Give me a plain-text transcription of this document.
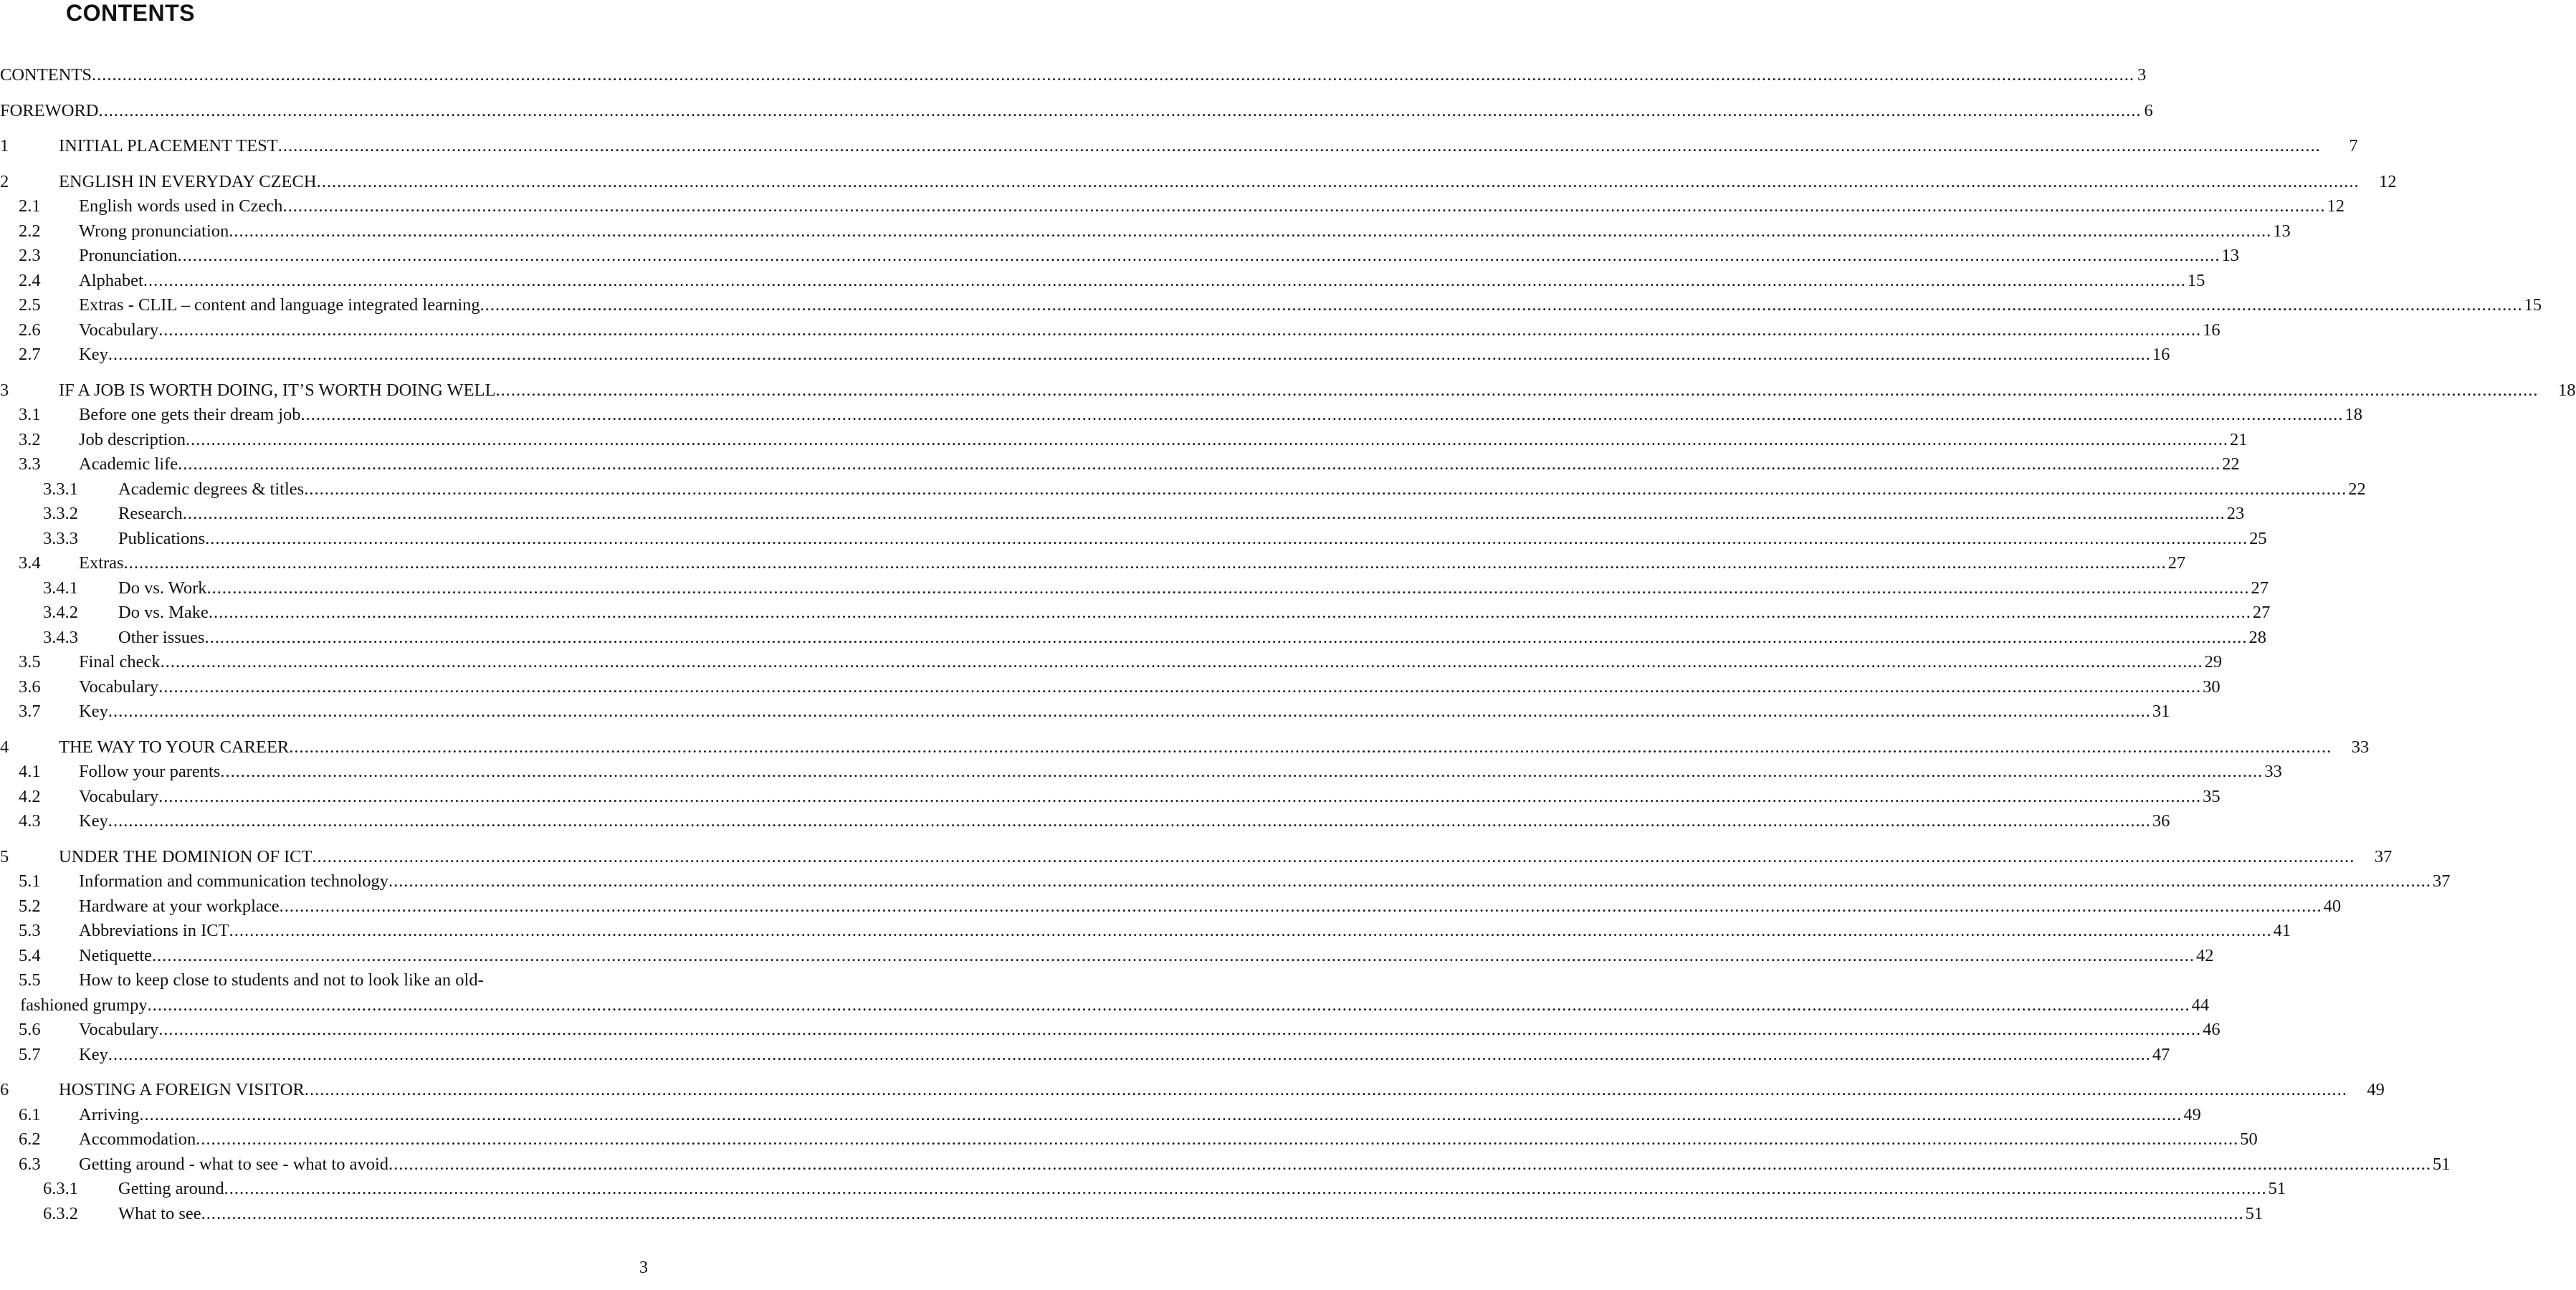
CONTENTS
CONTENTS ................................................................................................................................................................................................................................................................................................................................................................................................................ 3
FOREWORD ................................................................................................................................................................................................................................................................................................................................................................................................................ 6
1	INITIAL PLACEMENT TEST ................................................................................................................................................................................................................................................................................................................................................................................................................	7
2	ENGLISH IN EVERYDAY CZECH ................................................................................................................................................................................................................................................................................................................................................................................................................	12
2.1 English words used in Czech ................................................................................................................................................................................................................................................................................................................................................................................................................ 12
2.2 Wrong pronunciation ................................................................................................................................................................................................................................................................................................................................................................................................................ 13
2.3 Pronunciation ................................................................................................................................................................................................................................................................................................................................................................................................................ 13
2.4 Alphabet ................................................................................................................................................................................................................................................................................................................................................................................................................ 15
2.5 Extras - CLIL – content and language integrated learning ................................................................................................................................................................................................................................................................................................................................................................................................................ 15
2.6 Vocabulary ................................................................................................................................................................................................................................................................................................................................................................................................................ 16
2.7 Key ................................................................................................................................................................................................................................................................................................................................................................................................................ 16
3	IF A JOB IS WORTH DOING, IT’S WORTH DOING WELL ................................................................................................................................................................................................................................................................................................................................................................................................................	18
3.1 Before one gets their dream job ................................................................................................................................................................................................................................................................................................................................................................................................................ 18
3.2 Job description ................................................................................................................................................................................................................................................................................................................................................................................................................ 21
3.3 Academic life ................................................................................................................................................................................................................................................................................................................................................................................................................ 22
3.3.1 Academic degrees & titles ................................................................................................................................................................................................................................................................................................................................................................................................................ 22
3.3.2 Research ................................................................................................................................................................................................................................................................................................................................................................................................................ 23
3.3.3 Publications ................................................................................................................................................................................................................................................................................................................................................................................................................ 25
3.4 Extras ................................................................................................................................................................................................................................................................................................................................................................................................................ 27
3.4.1 Do vs. Work ................................................................................................................................................................................................................................................................................................................................................................................................................ 27
3.4.2 Do vs. Make ................................................................................................................................................................................................................................................................................................................................................................................................................ 27
3.4.3 Other issues ................................................................................................................................................................................................................................................................................................................................................................................................................ 28
3.5 Final check ................................................................................................................................................................................................................................................................................................................................................................................................................ 29
3.6 Vocabulary ................................................................................................................................................................................................................................................................................................................................................................................................................ 30
3.7 Key ................................................................................................................................................................................................................................................................................................................................................................................................................ 31
4	THE WAY TO YOUR CAREER ................................................................................................................................................................................................................................................................................................................................................................................................................	33
4.1 Follow your parents ................................................................................................................................................................................................................................................................................................................................................................................................................ 33
4.2 Vocabulary ................................................................................................................................................................................................................................................................................................................................................................................................................ 35
4.3 Key ................................................................................................................................................................................................................................................................................................................................................................................................................ 36
5	UNDER THE DOMINION OF ICT ................................................................................................................................................................................................................................................................................................................................................................................................................	37
5.1 Information and communication technology ................................................................................................................................................................................................................................................................................................................................................................................................................ 37
5.2 Hardware at your workplace ................................................................................................................................................................................................................................................................................................................................................................................................................ 40
5.3 Abbreviations in ICT ................................................................................................................................................................................................................................................................................................................................................................................................................ 41
5.4 Netiquette ................................................................................................................................................................................................................................................................................................................................................................................................................ 42
5.5 How to keep close to students and not to look like an old-
fashioned grumpy ................................................................................................................................................................................................................................................................................................................................................................................................................ 44
5.6 Vocabulary ................................................................................................................................................................................................................................................................................................................................................................................................................ 46
5.7 Key ................................................................................................................................................................................................................................................................................................................................................................................................................ 47
6	HOSTING A FOREIGN VISITOR ................................................................................................................................................................................................................................................................................................................................................................................................................	49
6.1 Arriving ................................................................................................................................................................................................................................................................................................................................................................................................................ 49
6.2 Accommodation ................................................................................................................................................................................................................................................................................................................................................................................................................ 50
6.3 Getting around - what to see - what to avoid ................................................................................................................................................................................................................................................................................................................................................................................................................ 51
6.3.1 Getting around ................................................................................................................................................................................................................................................................................................................................................................................................................ 51
6.3.2 What to see ................................................................................................................................................................................................................................................................................................................................................................................................................ 51
3
